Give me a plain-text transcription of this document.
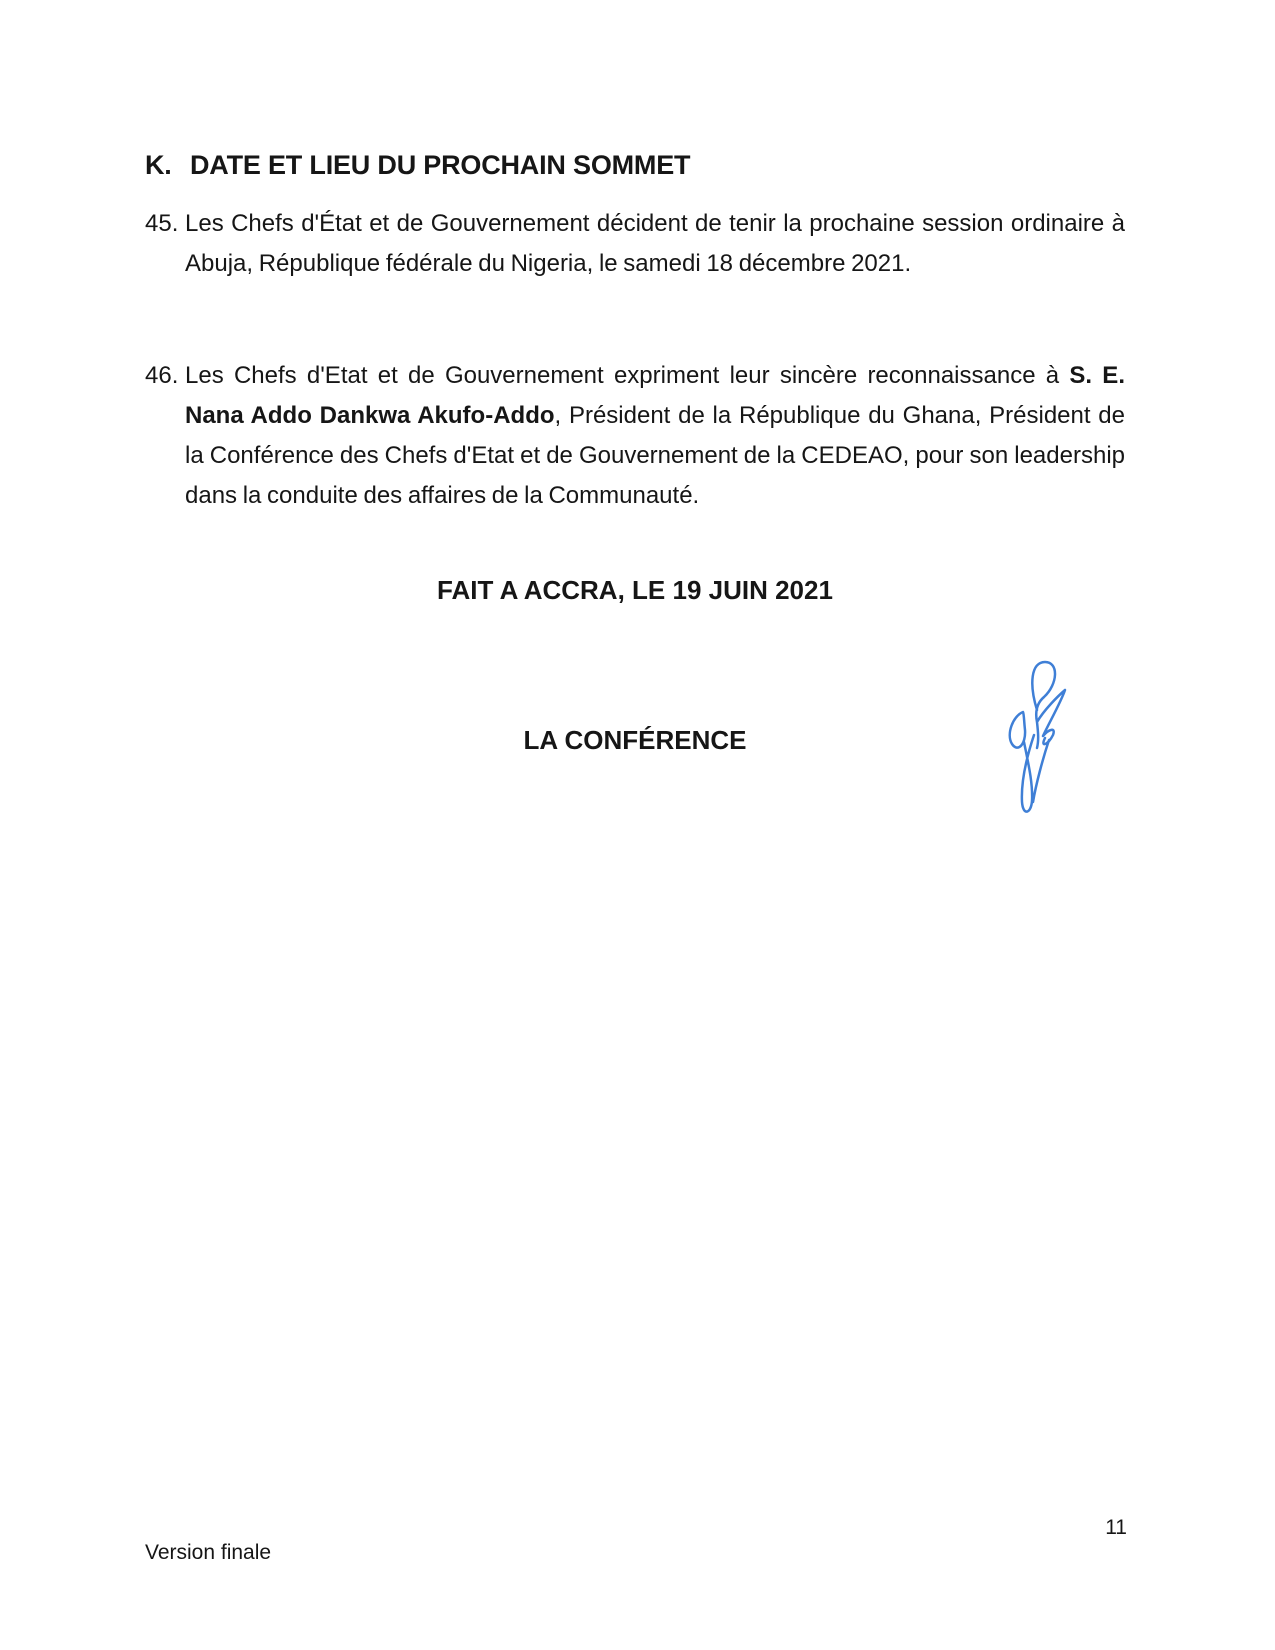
K. DATE ET LIEU DU PROCHAIN SOMMET
45. Les Chefs d'État et de Gouvernement décident de tenir la prochaine session ordinaire à Abuja, République fédérale du Nigeria, le samedi 18 décembre 2021.

46. Les Chefs d'Etat et de Gouvernement expriment leur sincère reconnaissance à S. E. Nana Addo Dankwa Akufo-Addo, Président de la République du Ghana, Président de la Conférence des Chefs d'Etat et de Gouvernement de la CEDEAO, pour son leadership dans la conduite des affaires de la Communauté.

FAIT A ACCRA, LE 19 JUIN 2021
LA CONFÉRENCE
11
Version finale
